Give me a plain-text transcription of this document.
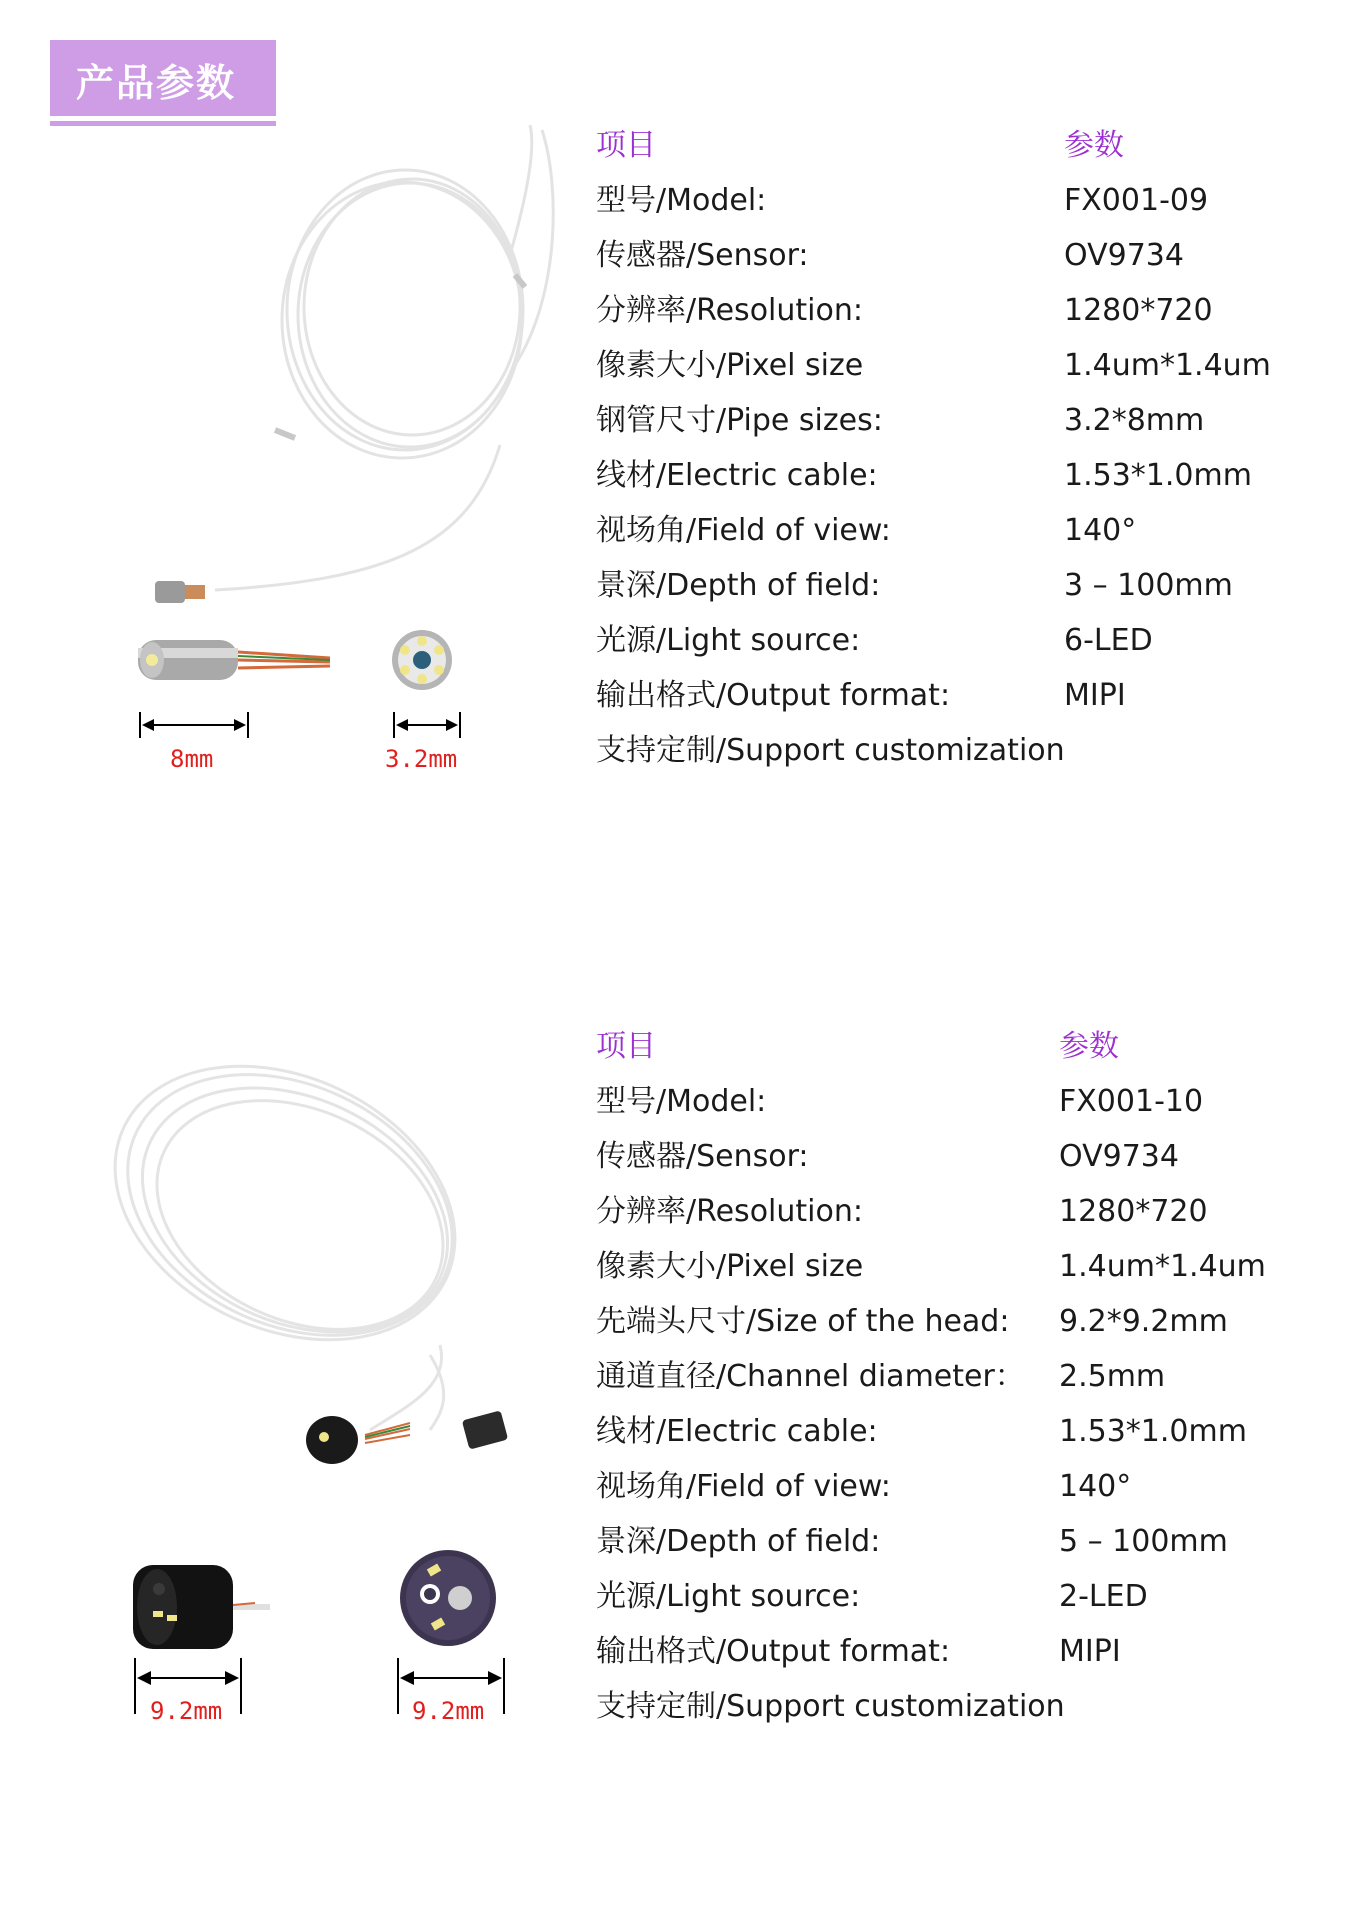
产品参数
8mm	3.2mm
项目	参数
型号/Model:	FX001-09
传感器/Sensor:	OV9734
分辨率/Resolution:	1280*720
像素大小/Pixel size	1.4um*1.4um
钢管尺寸/Pipe sizes:	3.2*8mm
线材/Electric cable:	1.53*1.0mm
视场角/Field of view:	140°
景深/Depth of field:	3 – 100mm
光源/Light source:	6-LED
输出格式/Output format:	MIPI
支持定制/Support customization
9.2mm	9.2mm
项目	参数
型号/Model:	FX001-10
传感器/Sensor:	OV9734
分辨率/Resolution:	1280*720
像素大小/Pixel size	1.4um*1.4um
先端头尺寸/Size of the head: 9.2*9.2mm
通道直径/Channel diameter： 2.5mm
线材/Electric cable:	1.53*1.0mm
视场角/Field of view:	140°
景深/Depth of field:	5 – 100mm
光源/Light source:	2-LED
输出格式/Output format:	MIPI
支持定制/Support customization
